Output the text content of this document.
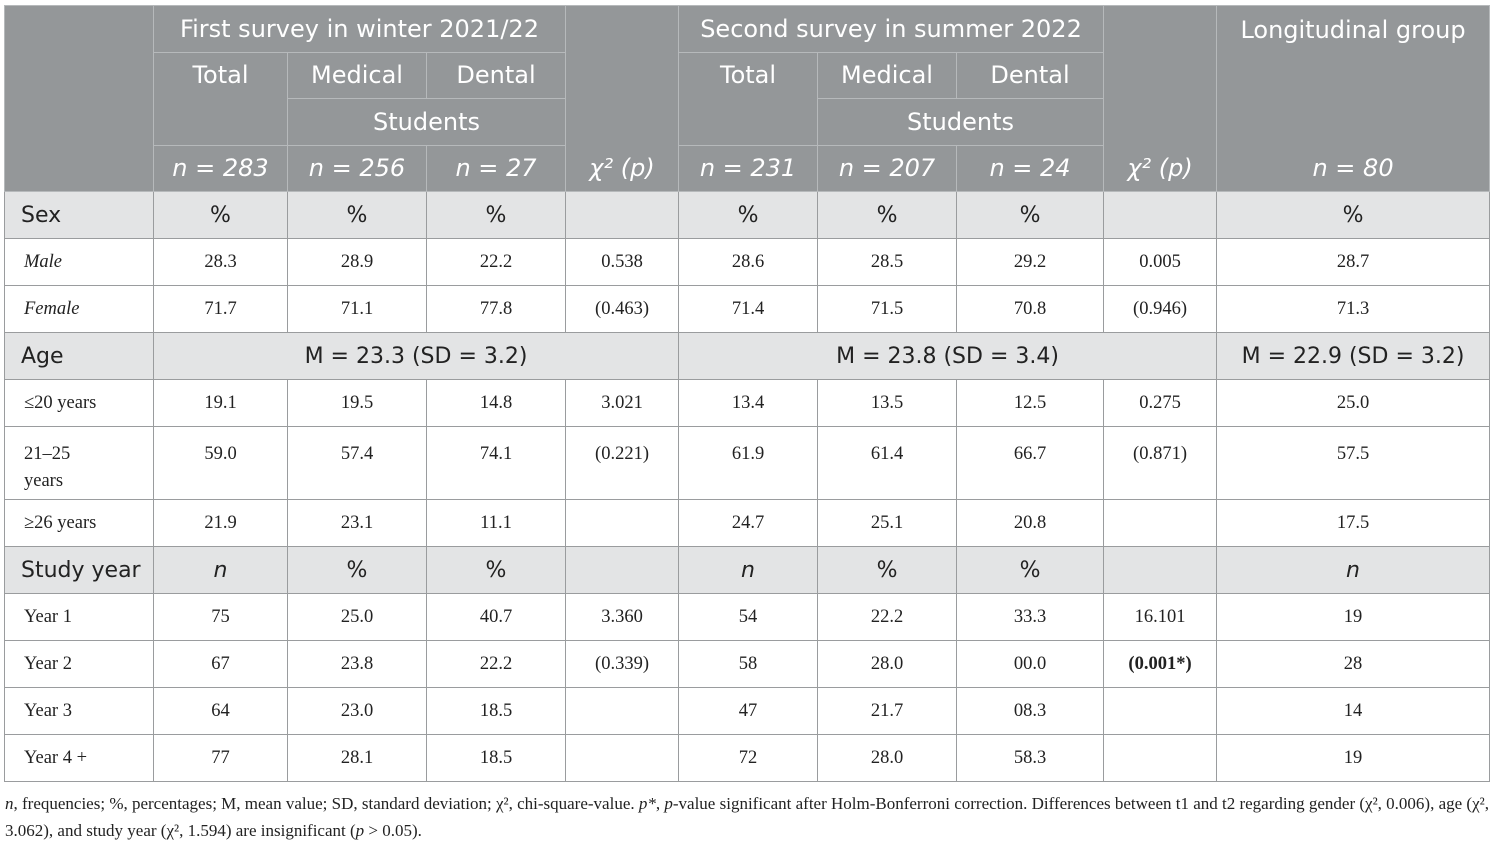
	First survey in winter 2021/22				Second survey in summer 2022				Longitudinal group
	Total	Medical	Dental		Total	Medical	Dental		
		Students				Students			
	n = 283	n = 256	n = 27	χ² (p)	n = 231	n = 207	n = 24	χ² (p)	n = 80
Sex	%	%	%		%	%	%		%
Male	28.3	28.9	22.2	0.538	28.6	28.5	29.2	0.005	28.7
Female	71.7	71.1	77.8	(0.463)	71.4	71.5	70.8	(0.946)	71.3
Age	M = 23.3 (SD = 3.2)				M = 23.8 (SD = 3.4)				M = 22.9 (SD = 3.2)
≤20 years	19.1	19.5	14.8	3.021	13.4	13.5	12.5	0.275	25.0
21–25 years	59.0	57.4	74.1	(0.221)	61.9	61.4	66.7	(0.871)	57.5
≥26 years	21.9	23.1	11.1		24.7	25.1	20.8		17.5
Study year	n	%	%		n	%	%		n
Year 1	75	25.0	40.7	3.360	54	22.2	33.3	16.101	19
Year 2	67	23.8	22.2	(0.339)	58	28.0	00.0	(0.001*)	28
Year 3	64	23.0	18.5		47	21.7	08.3		14
Year 4 +	77	28.1	18.5		72	28.0	58.3		19
n, frequencies; %, percentages; M, mean value; SD, standard deviation; χ², chi-square-value. p*, p-value significant after Holm-Bonferroni correction. Differences between t1 and t2 regarding gender (χ², 0.006), age (χ², 3.062), and study year (χ², 1.594) are insignificant (p > 0.05).
